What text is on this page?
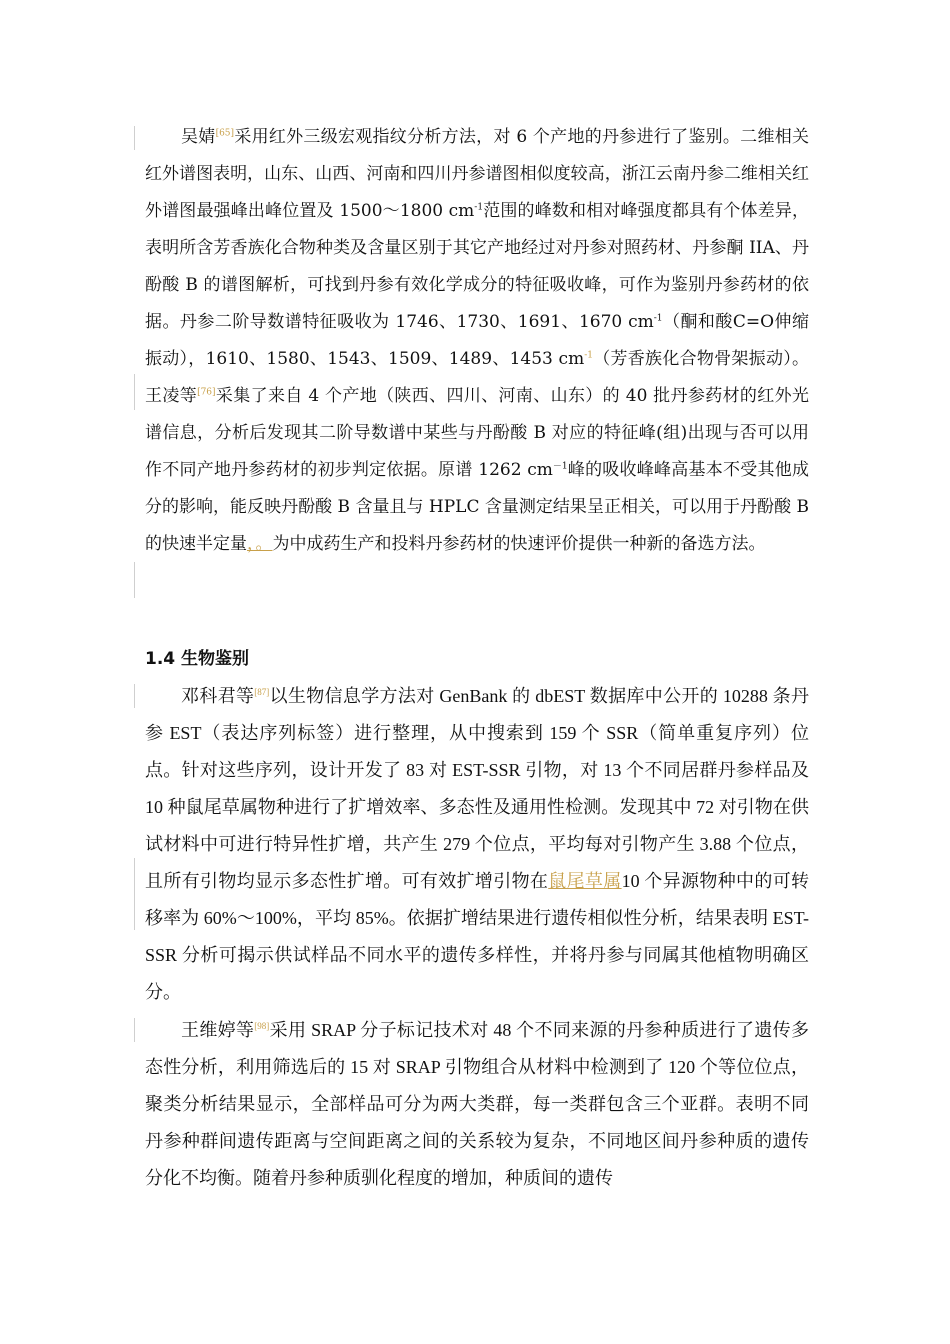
吴婧[65]采用红外三级宏观指纹分析方法，对 6 个产地的丹参进行了鉴别。二维相关红外谱图表明，山东、山西、河南和四川丹参谱图相似度较高，浙江云南丹参二维相关红外谱图最强峰出峰位置及 1500～1800 $cm^{-1}$范围的峰数和相对峰强度都具有个体差异，表明所含芳香族化合物种类及含量区别于其它产地经过对丹参对照药材、丹参酮 IIA、丹酚酸 B 的谱图解析，可找到丹参有效化学成分的特征吸收峰，可作为鉴别丹参药材的依据。丹参二阶导数谱特征吸收为 1746、1730、1691、1670 $cm^{-1}$（酮和酸C=O伸缩振动），1610、1580、1543、1509、1489、1453 $cm^{-1}$（芳香族化合物骨架振动）。王凌等[76]采集了来自 4 个产地（陕西、四川、河南、山东）的 40 批丹参药材的红外光谱信息，分析后发现其二阶导数谱中某些与丹酚酸 B 对应的特征峰(组)出现与否可以用作不同产地丹参药材的初步判定依据。原谱 1262 $cm^{-1}$峰的吸收峰峰高基本不受其他成分的影响，能反映丹酚酸 B 含量且与 HPLC 含量测定结果呈正相关，可以用于丹酚酸 B 的快速半定量，。为中成药生产和投料丹参药材的快速评价提供一种新的备选方法。

1.4 生物鉴别

邓科君等[87]以生物信息学方法对 GenBank 的 dbEST 数据库中公开的 10288 条丹参 EST（表达序列标签）进行整理，从中搜索到 159 个 SSR（简单重复序列）位点。针对这些序列，设计开发了 83 对 EST-SSR 引物，对 13 个不同居群丹参样品及 10 种鼠尾草属物种进行了扩增效率、多态性及通用性检测。发现其中 72 对引物在供试材料中可进行特异性扩增，共产生 279 个位点，平均每对引物产生 3.88 个位点，且所有引物均显示多态性扩增。可有效扩增引物在鼠尾草属10 个异源物种中的可转移率为 60%～100%，平均 85%。依据扩增结果进行遗传相似性分析，结果表明 EST-SSR 分析可揭示供试样品不同水平的遗传多样性，并将丹参与同属其他植物明确区分。

王维婷等[98]采用 SRAP 分子标记技术对 48 个不同来源的丹参种质进行了遗传多态性分析，利用筛选后的 15 对 SRAP 引物组合从材料中检测到了 120 个等位位点，聚类分析结果显示，全部样品可分为两大类群，每一类群包含三个亚群。表明不同丹参种群间遗传距离与空间距离之间的关系较为复杂，不同地区间丹参种质的遗传分化不均衡。随着丹参种质驯化程度的增加，种质间的遗传
